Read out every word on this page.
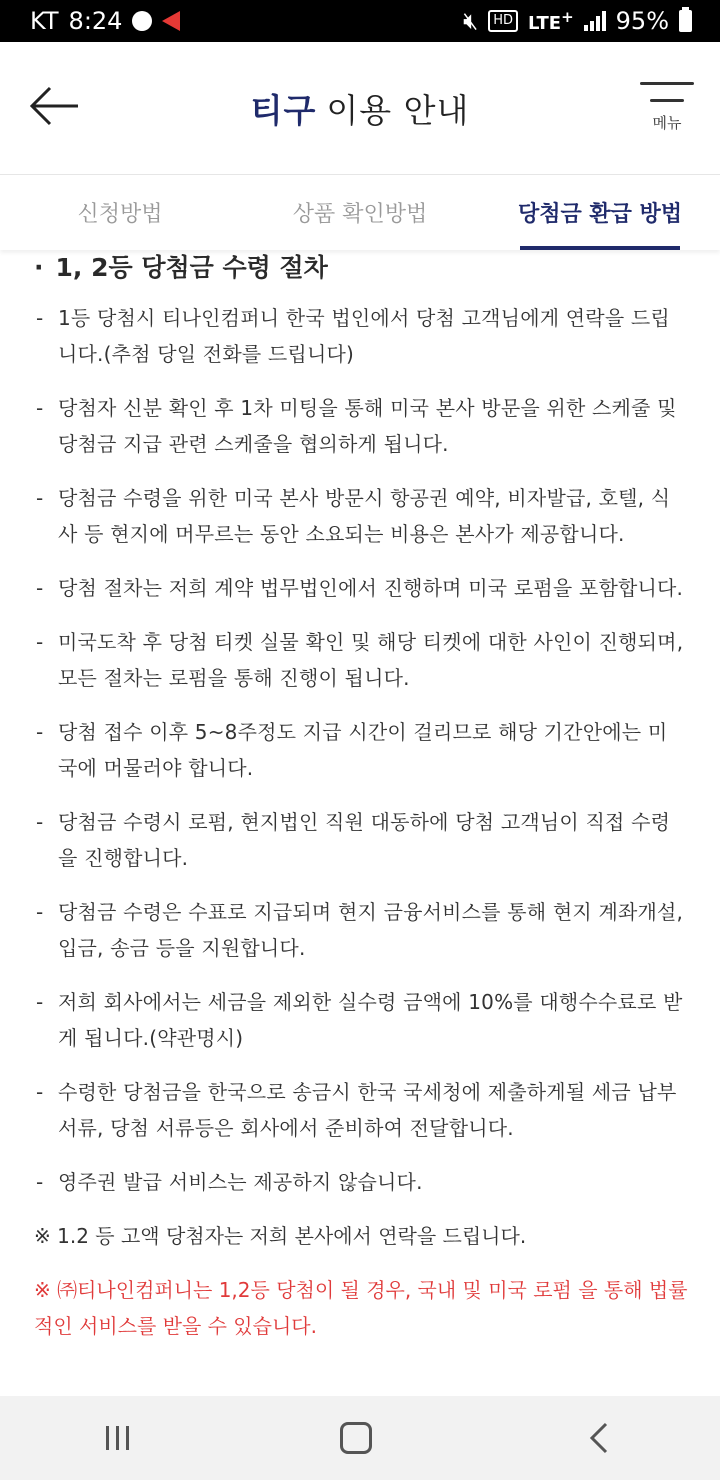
KT 8:24	🔇︎	HD LTE+ 95%
티구 이용 안내	메뉴
신청방법	상품 확인방법	당첨금 환급 방법
· 1, 2등 당첨금 수령 절차
- 1등 당첨시 티나인컴퍼니 한국 법인에서 당첨 고객님에게 연락을 드립니다.(추첨 당일 전화를 드립니다)
- 당첨자 신분 확인 후 1차 미팅을 통해 미국 본사 방문을 위한 스케줄 및 당첨금 지급 관련 스케줄을 협의하게 됩니다.
- 당첨금 수령을 위한 미국 본사 방문시 항공권 예약, 비자발급, 호텔, 식사 등 현지에 머무르는 동안 소요되는 비용은 본사가 제공합니다.
- 당첨 절차는 저희 계약 법무법인에서 진행하며 미국 로펌을 포함합니다.
- 미국도착 후 당첨 티켓 실물 확인 및 해당 티켓에 대한 사인이 진행되며, 모든 절차는 로펌을 통해 진행이 됩니다.
- 당첨 접수 이후 5~8주정도 지급 시간이 걸리므로 해당 기간안에는 미국에 머물러야 합니다.
- 당첨금 수령시 로펌, 현지법인 직원 대동하에 당첨 고객님이 직접 수령을 진행합니다.
- 당첨금 수령은 수표로 지급되며 현지 금융서비스를 통해 현지 계좌개설, 입금, 송금 등을 지원합니다.
- 저희 회사에서는 세금을 제외한 실수령 금액에 10%를 대행수수료로 받게 됩니다.(약관명시)
- 수령한 당첨금을 한국으로 송금시 한국 국세청에 제출하게될 세금 납부서류, 당첨 서류등은 회사에서 준비하여 전달합니다.
- 영주권 발급 서비스는 제공하지 않습니다.
※ 1.2 등 고액 당첨자는 저희 본사에서 연락을 드립니다.
※ ㈜티나인컴퍼니는 1,2등 당첨이 될 경우, 국내 및 미국 로펌 을 통해 법률적인 서비스를 받을 수 있습니다.
